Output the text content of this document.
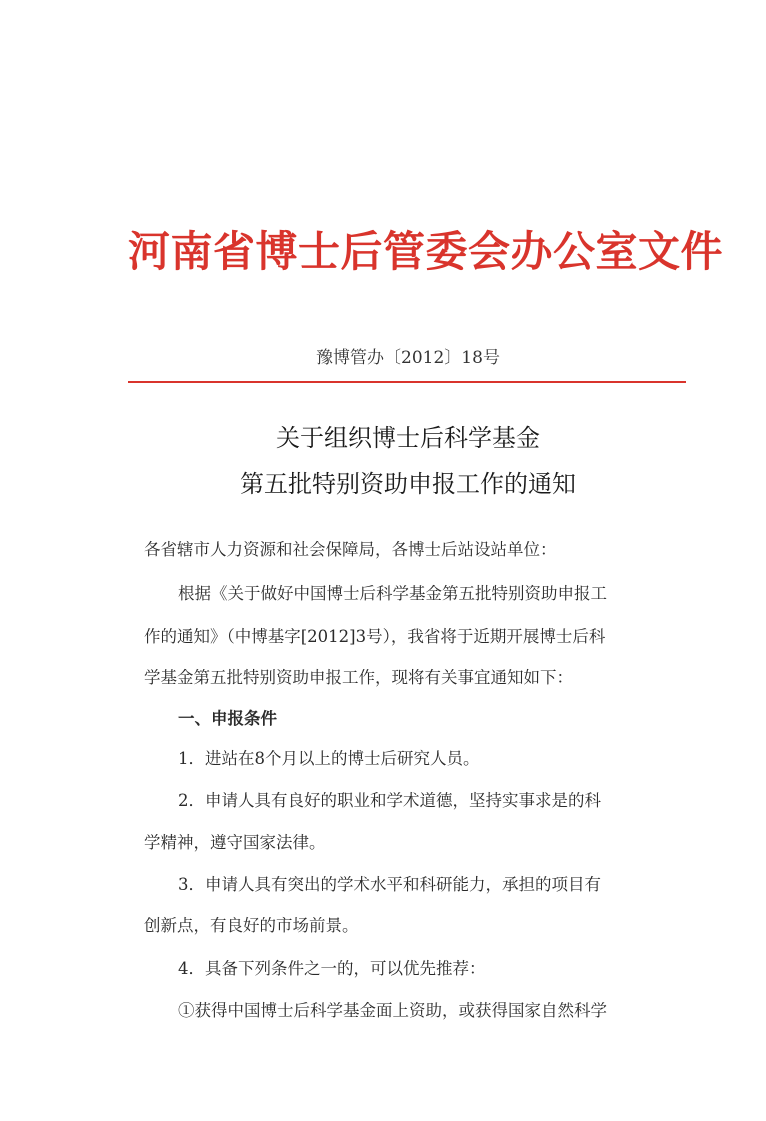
河南省博士后管委会办公室文件
豫博管办〔2012〕18号
关于组织博士后科学基金
第五批特别资助申报工作的通知
各省辖市人力资源和社会保障局，各博士后站设站单位：
根据《关于做好中国博士后科学基金第五批特别资助申报工
作的通知》（中博基字[2012]3号），我省将于近期开展博士后科
学基金第五批特别资助申报工作，现将有关事宜通知如下：
一、申报条件
1．进站在8个月以上的博士后研究人员。
2．申请人具有良好的职业和学术道德，坚持实事求是的科
学精神，遵守国家法律。
3．申请人具有突出的学术水平和科研能力，承担的项目有
创新点，有良好的市场前景。
4．具备下列条件之一的，可以优先推荐：
①获得中国博士后科学基金面上资助，或获得国家自然科学
